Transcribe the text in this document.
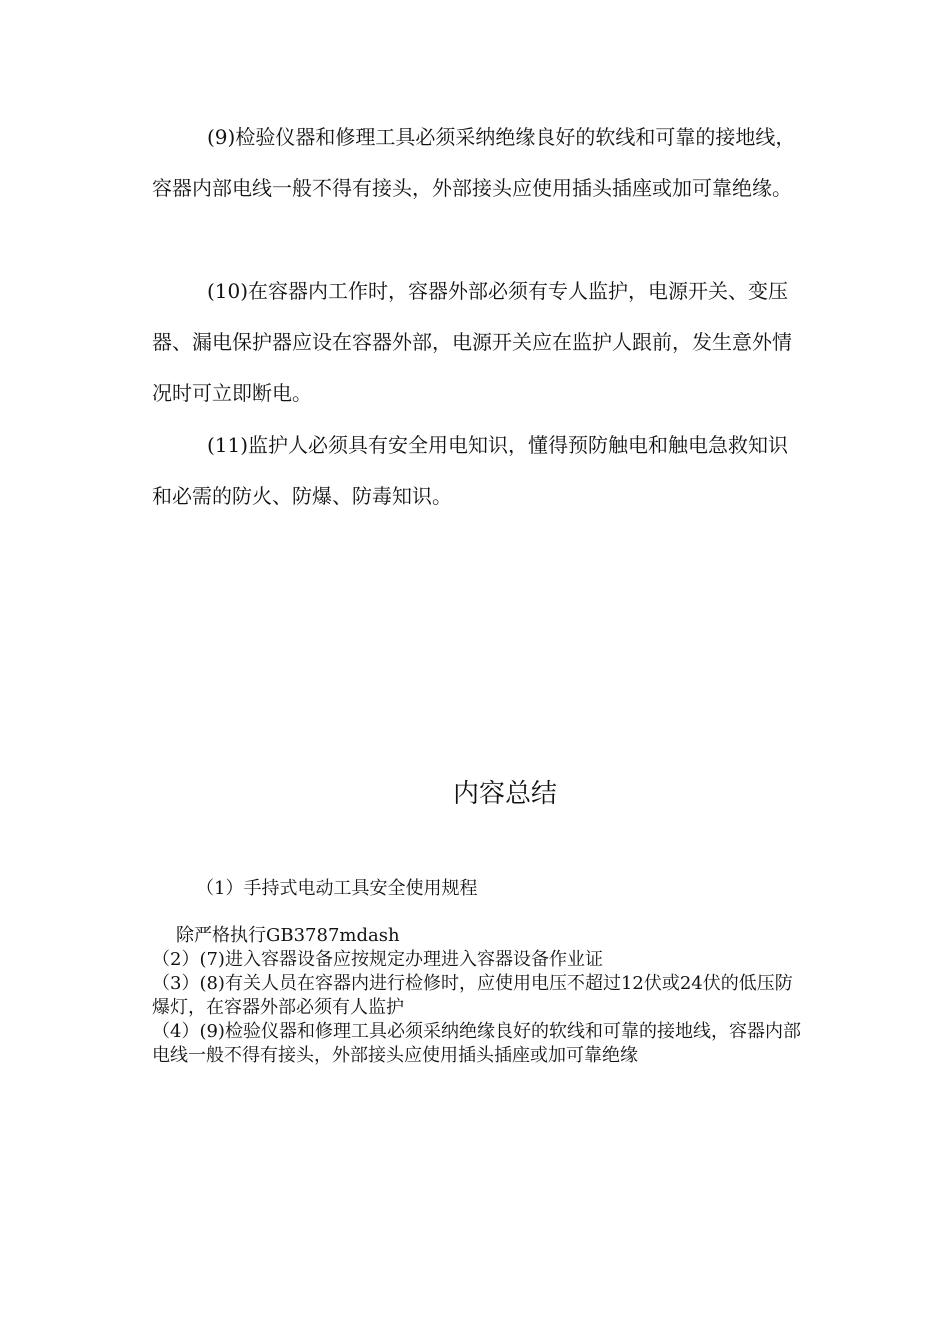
(9)检验仪器和修理工具必须采纳绝缘良好的软线和可靠的接地线，容器内部电线一般不得有接头，外部接头应使用插头插座或加可靠绝缘。

(10)在容器内工作时，容器外部必须有专人监护，电源开关、变压器、漏电保护器应设在容器外部，电源开关应在监护人跟前，发生意外情况时可立即断电。

(11)监护人必须具有安全用电知识，懂得预防触电和触电急救知识和必需的防火、防爆、防毒知识。

内容总结

（1）手持式电动工具安全使用规程

除严格执行GB3787mdash
（2）(7)进入容器设备应按规定办理进入容器设备作业证
（3）(8)有关人员在容器内进行检修时，应使用电压不超过12伏或24伏的低压防爆灯，在容器外部必须有人监护
（4）(9)检验仪器和修理工具必须采纳绝缘良好的软线和可靠的接地线，容器内部电线一般不得有接头，外部接头应使用插头插座或加可靠绝缘
